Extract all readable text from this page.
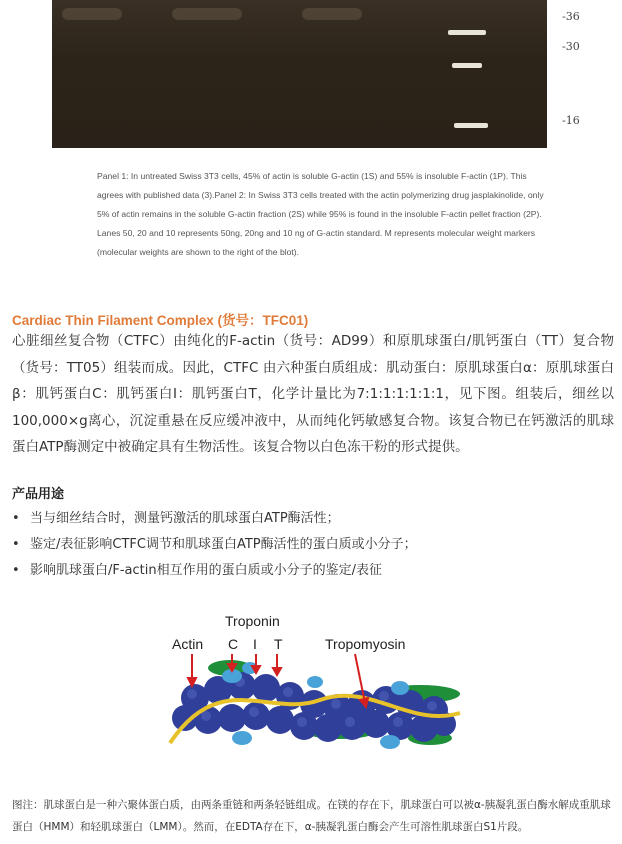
-36
-30
-16

Panel 1: In untreated Swiss 3T3 cells, 45% of actin is soluble G-actin (1S) and 55% is insoluble F-actin (1P). This agrees with published data (3).Panel 2: In Swiss 3T3 cells treated with the actin polymerizing drug jasplakinolide, only 5% of actin remains in the soluble G-actin fraction (2S) while 95% is found in the insoluble F-actin pellet fraction (2P). Lanes 50, 20 and 10 represents 50ng, 20ng and 10 ng of G-actin standard. M represents molecular weight markers (molecular weights are shown to the right of the blot).

Cardiac Thin Filament Complex (货号：TFC01)

心脏细丝复合物（CTFC）由纯化的F-actin（货号：AD99）和原肌球蛋白/肌钙蛋白（TT）复合物（货号：TT05）组装而成。因此，CTFC 由六种蛋白质组成：肌动蛋白：原肌球蛋白α：原肌球蛋白β：肌钙蛋白C：肌钙蛋白I：肌钙蛋白T，化学计量比为7:1:1:1:1:1:1，见下图。组装后，细丝以100,000×g离心，沉淀重悬在反应缓冲液中，从而纯化钙敏感复合物。该复合物已在钙激活的肌球蛋白ATP酶测定中被确定具有生物活性。该复合物以白色冻干粉的形式提供。

产品用途
• 当与细丝结合时，测量钙激活的肌球蛋白ATP酶活性；
• 鉴定/表征影响CTFC调节和肌球蛋白ATP酶活性的蛋白质或小分子；
• 影响肌球蛋白/F-actin相互作用的蛋白质或小分子的鉴定/表征
Troponin
Actin C I T	Tropomyosin

图注：肌球蛋白是一种六聚体蛋白质，由两条重链和两条轻链组成。在镁的存在下，肌球蛋白可以被α-胰凝乳蛋白酶水解成重肌球蛋白（HMM）和轻肌球蛋白（LMM）。然而，在EDTA存在下，α-胰凝乳蛋白酶会产生可溶性肌球蛋白S1片段。
